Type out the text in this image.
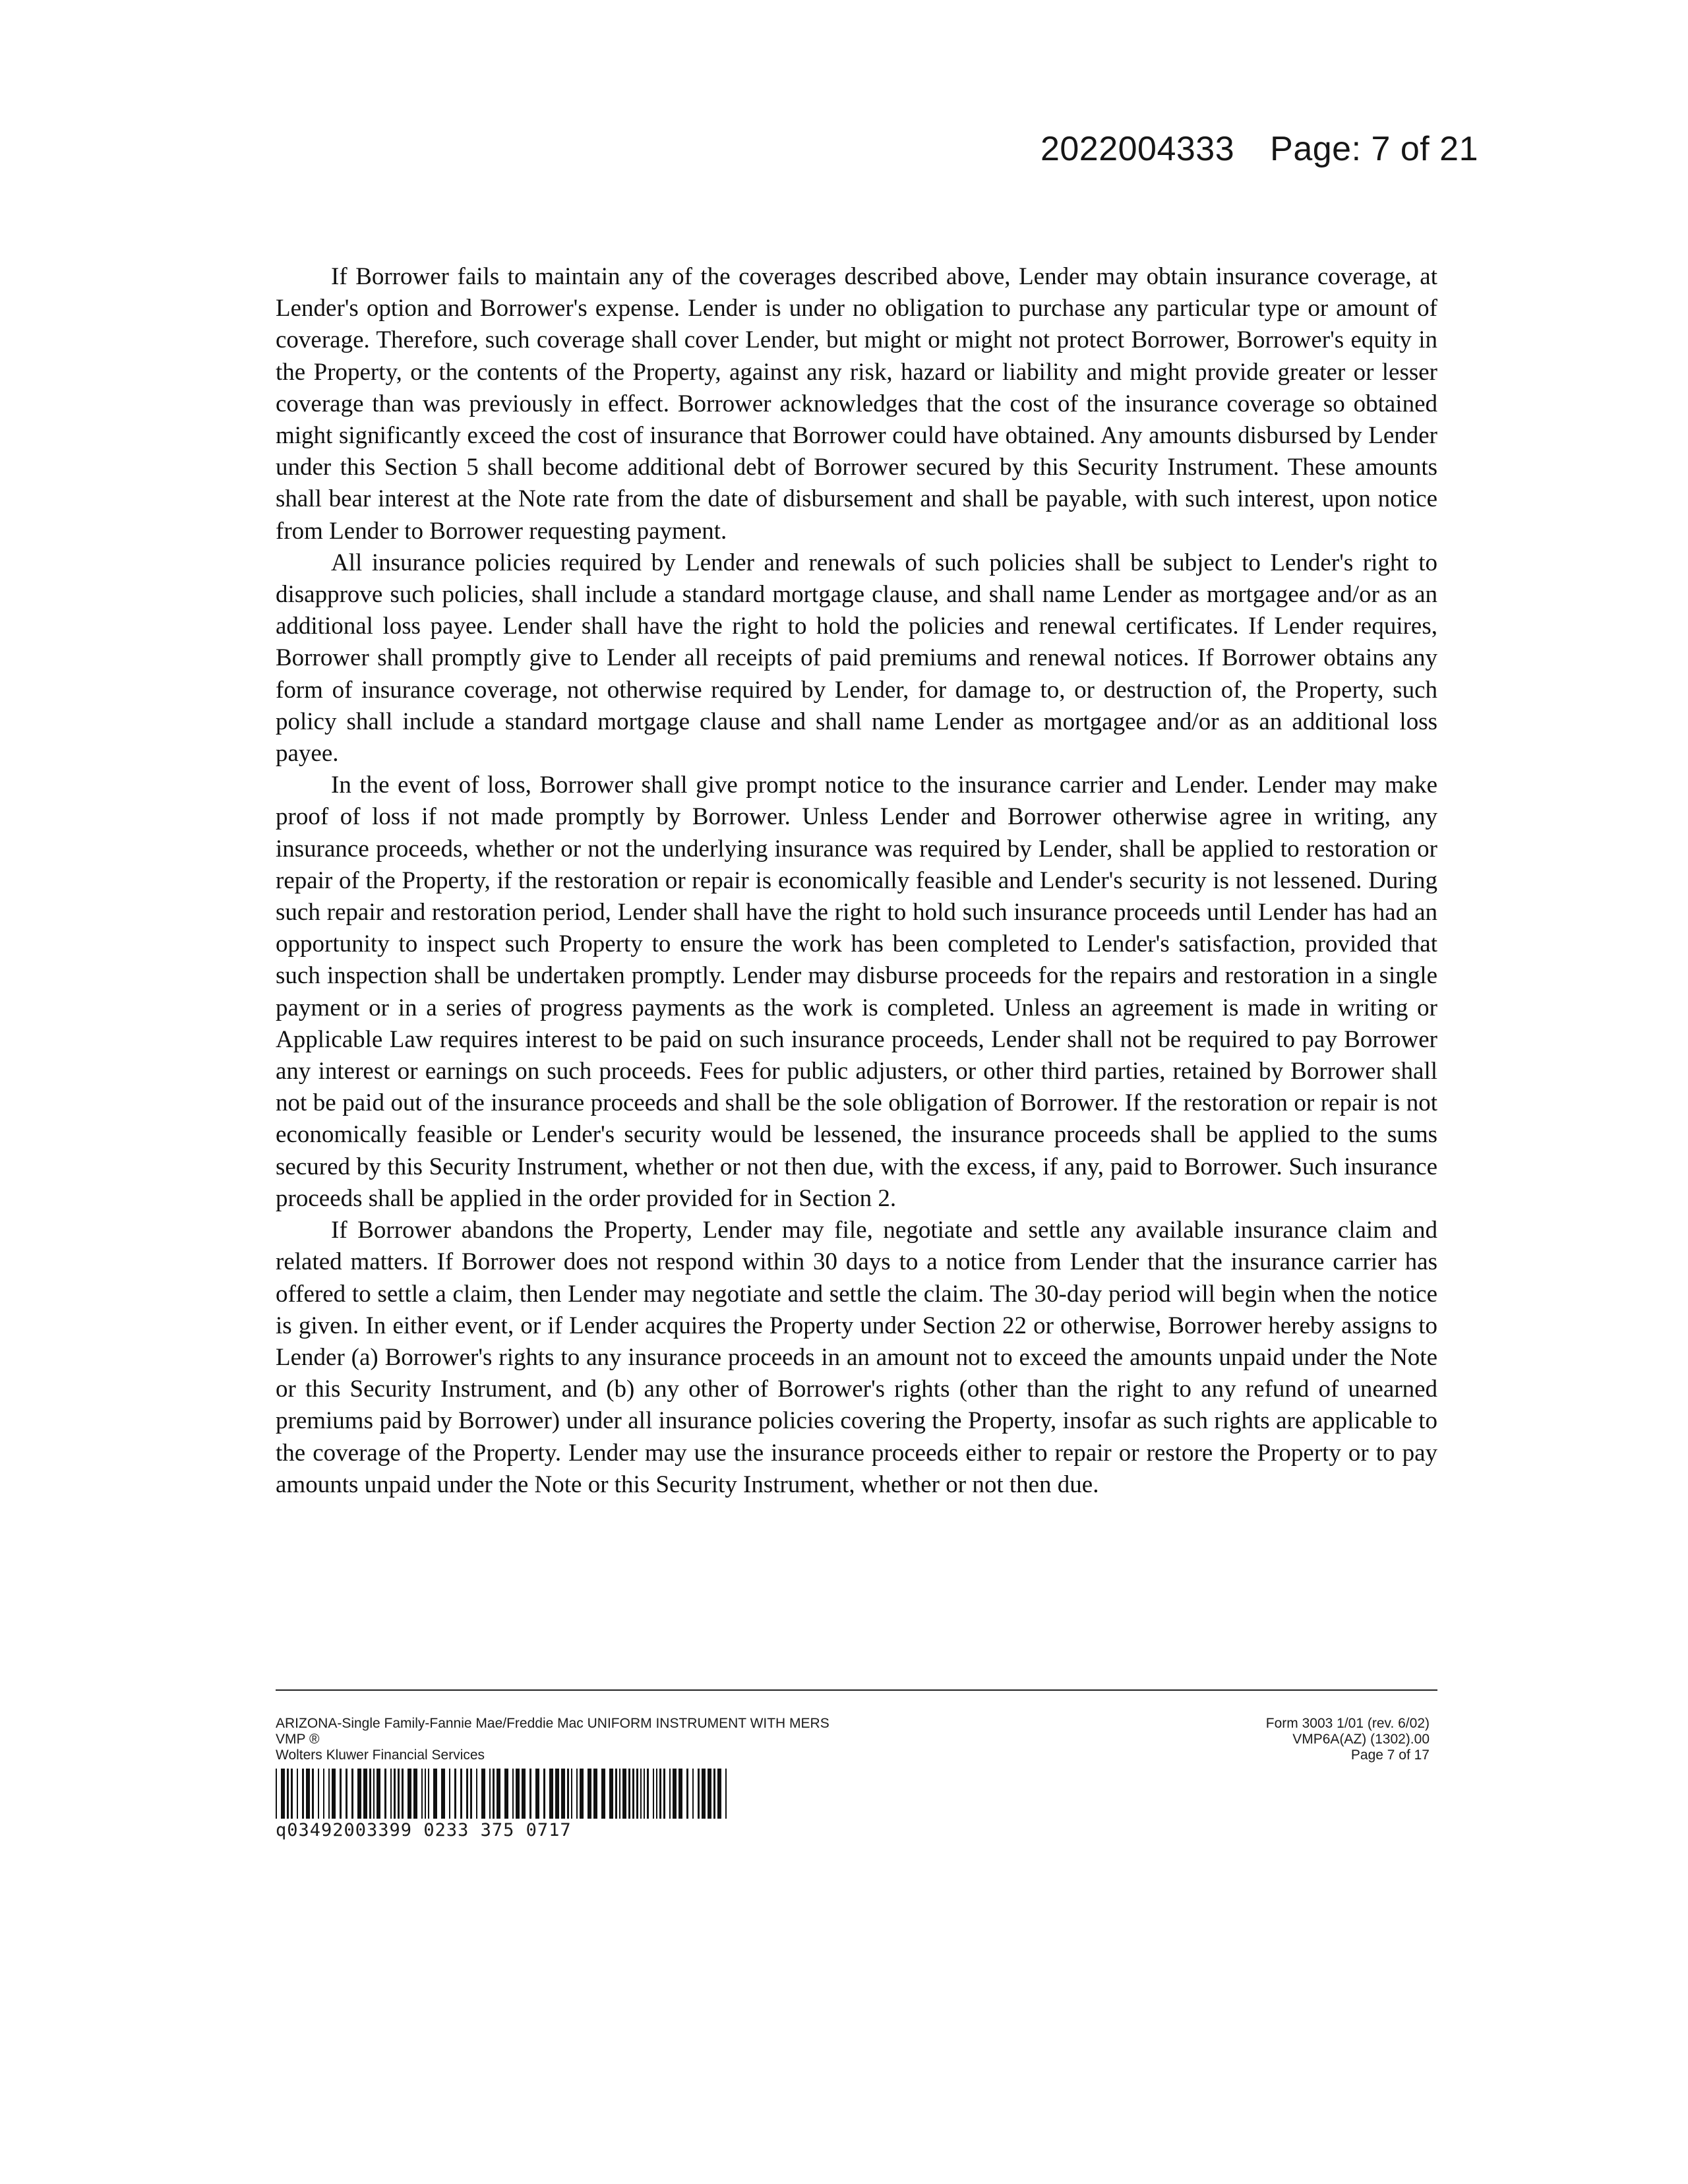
2022004333 Page: 7 of 21

If Borrower fails to maintain any of the coverages described above, Lender may obtain insurance coverage, at Lender's option and Borrower's expense. Lender is under no obligation to purchase any particular type or amount of coverage. Therefore, such coverage shall cover Lender, but might or might not protect Borrower, Borrower's equity in the Property, or the contents of the Property, against any risk, hazard or liability and might provide greater or lesser coverage than was previously in effect. Borrower acknowledges that the cost of the insurance coverage so obtained might significantly exceed the cost of insurance that Borrower could have obtained. Any amounts disbursed by Lender under this Section 5 shall become additional debt of Borrower secured by this Security Instrument. These amounts shall bear interest at the Note rate from the date of disbursement and shall be payable, with such interest, upon notice from Lender to Borrower requesting payment.

All insurance policies required by Lender and renewals of such policies shall be subject to Lender's right to disapprove such policies, shall include a standard mortgage clause, and shall name Lender as mortgagee and/or as an additional loss payee. Lender shall have the right to hold the policies and renewal certificates. If Lender requires, Borrower shall promptly give to Lender all receipts of paid premiums and renewal notices. If Borrower obtains any form of insurance coverage, not otherwise required by Lender, for damage to, or destruction of, the Property, such policy shall include a standard mortgage clause and shall name Lender as mortgagee and/or as an additional loss payee.

In the event of loss, Borrower shall give prompt notice to the insurance carrier and Lender. Lender may make proof of loss if not made promptly by Borrower. Unless Lender and Borrower otherwise agree in writing, any insurance proceeds, whether or not the underlying insurance was required by Lender, shall be applied to restoration or repair of the Property, if the restoration or repair is economically feasible and Lender's security is not lessened. During such repair and restoration period, Lender shall have the right to hold such insurance proceeds until Lender has had an opportunity to inspect such Property to ensure the work has been completed to Lender's satisfaction, provided that such inspection shall be undertaken promptly. Lender may disburse proceeds for the repairs and restoration in a single payment or in a series of progress payments as the work is completed. Unless an agreement is made in writing or Applicable Law requires interest to be paid on such insurance proceeds, Lender shall not be required to pay Borrower any interest or earnings on such proceeds. Fees for public adjusters, or other third parties, retained by Borrower shall not be paid out of the insurance proceeds and shall be the sole obligation of Borrower. If the restoration or repair is not economically feasible or Lender's security would be lessened, the insurance proceeds shall be applied to the sums secured by this Security Instrument, whether or not then due, with the excess, if any, paid to Borrower. Such insurance proceeds shall be applied in the order provided for in Section 2.

If Borrower abandons the Property, Lender may file, negotiate and settle any available insurance claim and related matters. If Borrower does not respond within 30 days to a notice from Lender that the insurance carrier has offered to settle a claim, then Lender may negotiate and settle the claim. The 30-day period will begin when the notice is given. In either event, or if Lender acquires the Property under Section 22 or otherwise, Borrower hereby assigns to Lender (a) Borrower's rights to any insurance proceeds in an amount not to exceed the amounts unpaid under the Note or this Security Instrument, and (b) any other of Borrower's rights (other than the right to any refund of unearned premiums paid by Borrower) under all insurance policies covering the Property, insofar as such rights are applicable to the coverage of the Property. Lender may use the insurance proceeds either to repair or restore the Property or to pay amounts unpaid under the Note or this Security Instrument, whether or not then due.

ARIZONA-Single Family-Fannie Mae/Freddie Mac UNIFORM INSTRUMENT WITH MERS
VMP ®
Wolters Kluwer Financial Services
Form 3003 1/01 (rev. 6/02)
VMP6A(AZ) (1302).00
Page 7 of 17
q03492003399 0233 375 0717
